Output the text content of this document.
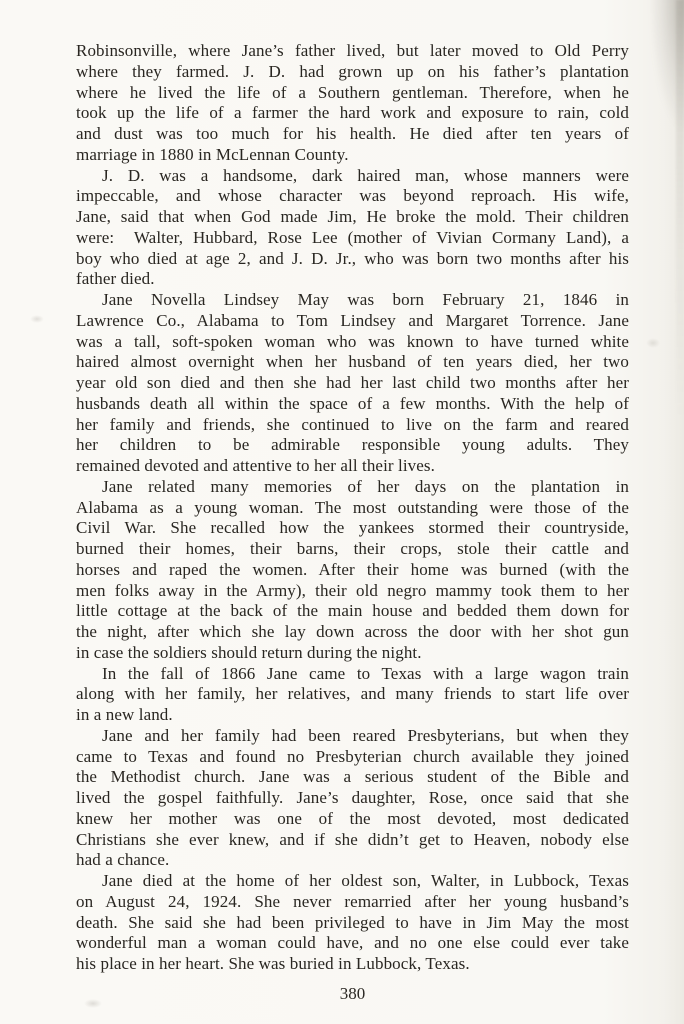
Robinsonville, where Jane’s father lived, but later moved to Old Perry
where they farmed. J. D. had grown up on his father’s plantation
where he lived the life of a Southern gentleman. Therefore, when he
took up the life of a farmer the hard work and exposure to rain, cold
and dust was too much for his health. He died after ten years of
marriage in 1880 in McLennan County.
J. D. was a handsome, dark haired man, whose manners were
impeccable, and whose character was beyond reproach. His wife,
Jane, said that when God made Jim, He broke the mold. Their children
were:  Walter, Hubbard, Rose Lee (mother of Vivian Cormany Land), a
boy who died at age 2, and J. D. Jr., who was born two months after his
father died.
Jane Novella Lindsey May was born February 21, 1846 in
Lawrence Co., Alabama to Tom Lindsey and Margaret Torrence. Jane
was a tall, soft-spoken woman who was known to have turned white
haired almost overnight when her husband of ten years died, her two
year old son died and then she had her last child two months after her
husbands death all within the space of a few months. With the help of
her family and friends, she continued to live on the farm and reared
her children to be admirable responsible young adults. They
remained devoted and attentive to her all their lives.
Jane related many memories of her days on the plantation in
Alabama as a young woman. The most outstanding were those of the
Civil War. She recalled how the yankees stormed their countryside,
burned their homes, their barns, their crops, stole their cattle and
horses and raped the women. After their home was burned (with the
men folks away in the Army), their old negro mammy took them to her
little cottage at the back of the main house and bedded them down for
the night, after which she lay down across the door with her shot gun
in case the soldiers should return during the night.
In the fall of 1866 Jane came to Texas with a large wagon train
along with her family, her relatives, and many friends to start life over
in a new land.
Jane and her family had been reared Presbyterians, but when they
came to Texas and found no Presbyterian church available they joined
the Methodist church. Jane was a serious student of the Bible and
lived the gospel faithfully. Jane’s daughter, Rose, once said that she
knew her mother was one of the most devoted, most dedicated
Christians she ever knew, and if she didn’t get to Heaven, nobody else
had a chance.
Jane died at the home of her oldest son, Walter, in Lubbock, Texas
on August 24, 1924. She never remarried after her young husband’s
death. She said she had been privileged to have in Jim May the most
wonderful man a woman could have, and no one else could ever take
his place in her heart. She was buried in Lubbock, Texas.
380
